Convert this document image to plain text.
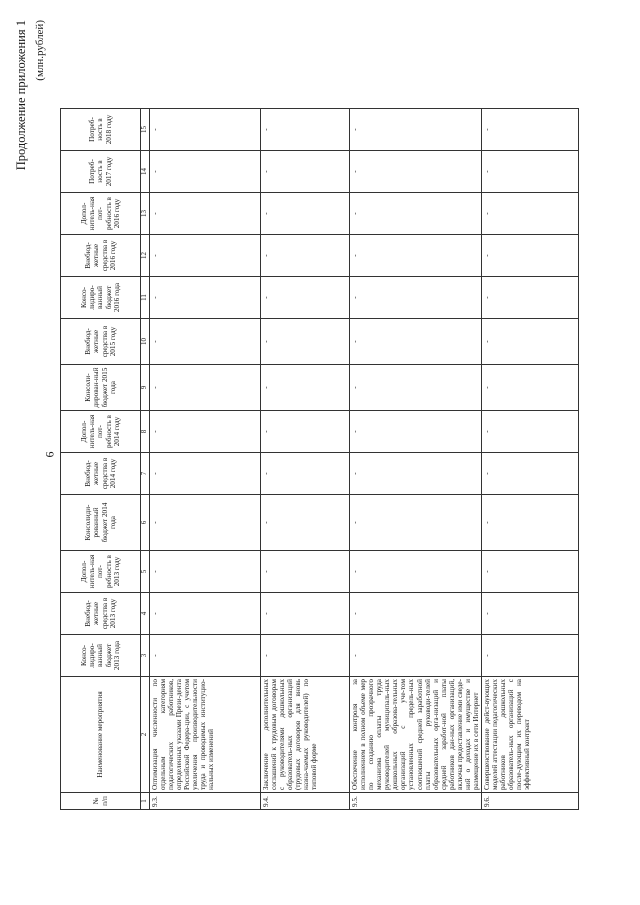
6
Продолжение приложения 1 (млн.рублей)
№ п/п	Наименование мероприятия	Консо-лидиро-ванный бюджет 2013 года	Внебюд-жетные средства в 2013 году	Допол-нитель-ная пот-ребность в 2013 году	Консолиди-рованный бюджет 2014 года	Внебюд-жетные средства в 2014 году	Допол-нитель-ная пот-ребность в 2014 году	Консоли-дирован-ный бюджет 2015 года	Внебюд-жетные средства в 2015 году	Консо-лидиро-ванный бюджет 2016 года	Внебюд-жетные средства в 2016 году	Допол-нитель-ная пот-ребность в 2016 году	Потреб-ность в 2017 году	Потреб-ность в 2018 году
1	2	3	4	5	6	7	8	9	10	11	12	13	14	15
9.3.	Оптимизация численности по отдельным категориям педагогических работников, определенных указами Прези-дента Российской Федера-ции, с учетом увеличения производительности труда и проводимых институцио-нальных изменений	-	-	-	-	-	-	-	-	-	-	-	-	-
9.4.	Заключение дополнительных соглашений к трудовым договорам с руководителями дошкольных образователь-ных организаций (трудовых договоров для вновь назна-чаемых руководителей) по типовой форме	-	-	-	-	-	-	-	-	-	-	-	-	-
9.5.	Обеспечение контроля за исполнением в полном объеме мер по созданию прозрачного механизма оплаты труда руководителей муниципаль-ных дошкольных образова-тельных организаций с уче-том установленных предель-ных соотношений средней заработной платы руководи-телей образовательных орга-низаций и средней заработ-ной платы работников дан-ных организаций, включая предоставление ими сведе-ний о доходах и имуществе и размещение их в сети Интернет	-	-	-	-	-	-	-	-	-	-	-	-	-
9.6.	Совершенствование дейст-вующих моделей аттестации педагогических работников дошкольных образователь-ных организаций с после-дующим их переводом на эффективный контракт	-	-	-	-	-	-	-	-	-	-	-	-	-
